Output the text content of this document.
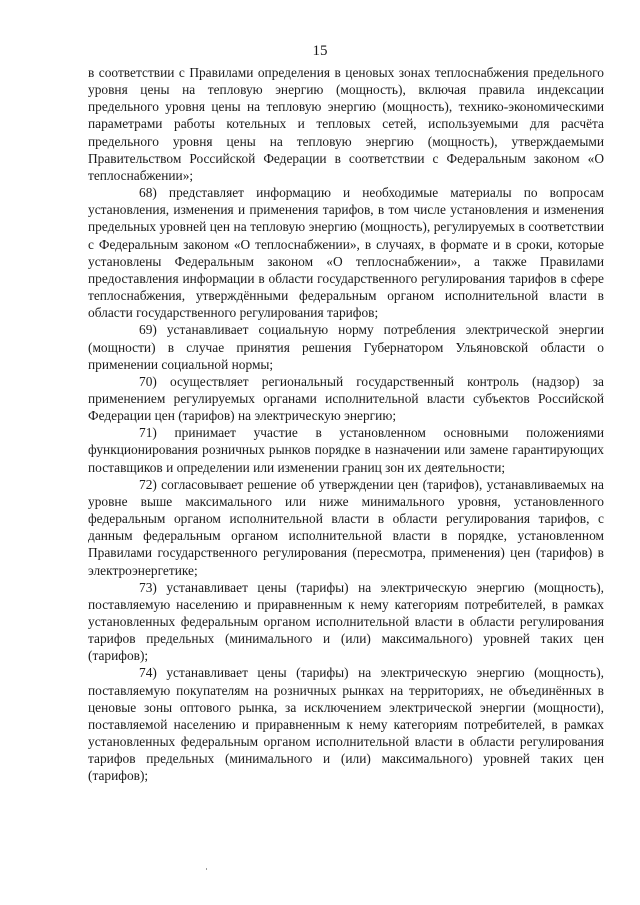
15

в соответствии с Правилами определения в ценовых зонах теплоснабжения предельного уровня цены на тепловую энергию (мощность), включая правила индексации предельного уровня цены на тепловую энергию (мощность), технико-экономическими параметрами работы котельных и тепловых сетей, используемыми для расчёта предельного уровня цены на тепловую энергию (мощность), утверждаемыми Правительством Российской Федерации в соответствии с Федеральным законом «О теплоснабжении»;

68) представляет информацию и необходимые материалы по вопросам установления, изменения и применения тарифов, в том числе установления и изменения предельных уровней цен на тепловую энергию (мощность), регулируемых в соответствии с Федеральным законом «О теплоснабжении», в случаях, в формате и в сроки, которые установлены Федеральным законом «О теплоснабжении», а также Правилами предоставления информации в области государственного регулирования тарифов в сфере теплоснабжения, утверждёнными федеральным органом исполнительной власти в области государственного регулирования тарифов;

69) устанавливает социальную норму потребления электрической энергии (мощности) в случае принятия решения Губернатором Ульяновской области о применении социальной нормы;

70) осуществляет региональный государственный контроль (надзор) за применением регулируемых органами исполнительной власти субъектов Российской Федерации цен (тарифов) на электрическую энергию;

71) принимает участие в установленном основными положениями функционирования розничных рынков порядке в назначении или замене гарантирующих поставщиков и определении или изменении границ зон их деятельности;

72) согласовывает решение об утверждении цен (тарифов), устанавливаемых на уровне выше максимального или ниже минимального уровня, установленного федеральным органом исполнительной власти в области регулирования тарифов, с данным федеральным органом исполнительной власти в порядке, установленном Правилами государственного регулирования (пересмотра, применения) цен (тарифов) в электроэнергетике;

73) устанавливает цены (тарифы) на электрическую энергию (мощность), поставляемую населению и приравненным к нему категориям потребителей, в рамках установленных федеральным органом исполнительной власти в области регулирования тарифов предельных (минимального и (или) максимального) уровней таких цен (тарифов);

74) устанавливает цены (тарифы) на электрическую энергию (мощность), поставляемую покупателям на розничных рынках на территориях, не объединённых в ценовые зоны оптового рынка, за исключением электрической энергии (мощности), поставляемой населению и приравненным к нему категориям потребителей, в рамках установленных федеральным органом исполнительной власти в области регулирования тарифов предельных (минимального и (или) максимального) уровней таких цен (тарифов);
